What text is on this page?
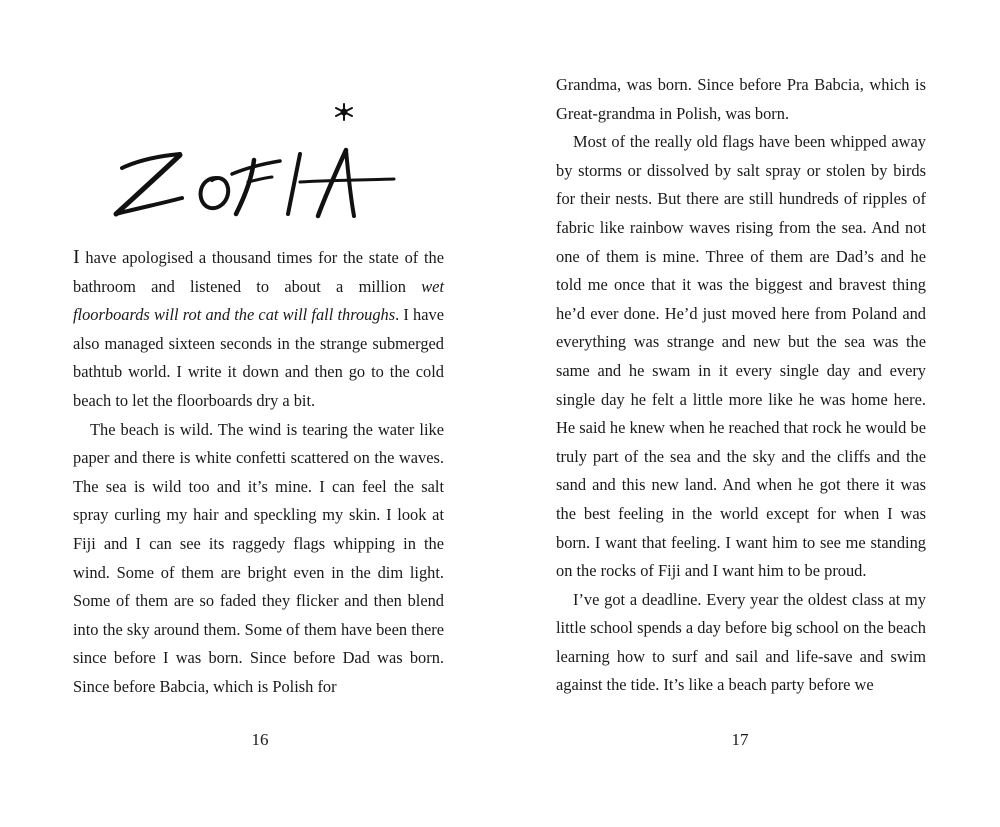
I have apologised a thousand times for the state of the bathroom and listened to about a million wet floorboards will rot and the cat will fall throughs. I have also managed sixteen seconds in the strange submerged bathtub world. I write it down and then go to the cold beach to let the floorboards dry a bit.

The beach is wild. The wind is tearing the water like paper and there is white confetti scattered on the waves. The sea is wild too and it’s mine. I can feel the salt spray curling my hair and speckling my skin. I look at Fiji and I can see its raggedy flags whipping in the wind. Some of them are bright even in the dim light. Some of them are so faded they flicker and then blend into the sky around them. Some of them have been there since before I was born. Since before Dad was born. Since before Babcia, which is Polish for

16

Grandma, was born. Since before Pra Babcia, which is Great-grandma in Polish, was born.

Most of the really old flags have been whipped away by storms or dissolved by salt spray or stolen by birds for their nests. But there are still hundreds of ripples of fabric like rainbow waves rising from the sea. And not one of them is mine. Three of them are Dad’s and he told me once that it was the biggest and bravest thing he’d ever done. He’d just moved here from Poland and everything was strange and new but the sea was the same and he swam in it every single day and every single day he felt a little more like he was home here. He said he knew when he reached that rock he would be truly part of the sea and the sky and the cliffs and the sand and this new land. And when he got there it was the best feeling in the world except for when I was born. I want that feeling. I want him to see me standing on the rocks of Fiji and I want him to be proud.

I’ve got a deadline. Every year the oldest class at my little school spends a day before big school on the beach learning how to surf and sail and life-save and swim against the tide. It’s like a beach party before we

17
